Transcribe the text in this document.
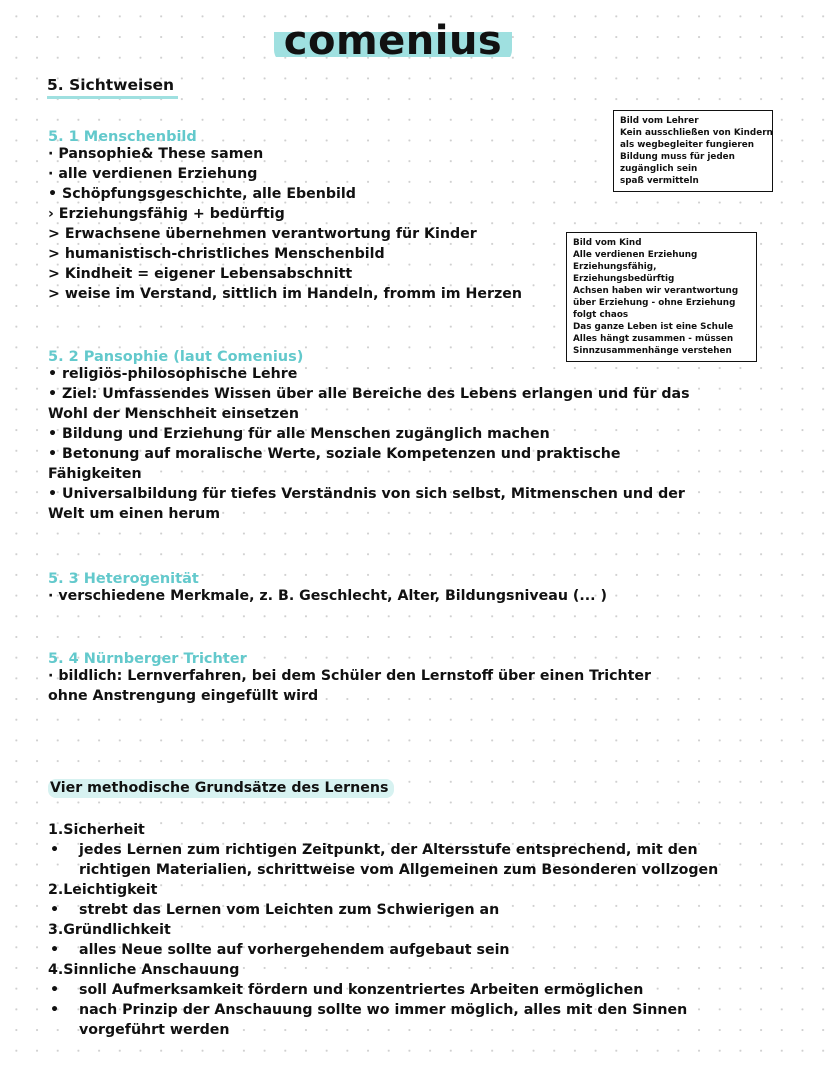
comenius
5. Sichtweisen
5. 1 Menschenbild
· Pansophie& These samen
· alle verdienen Erziehung
• Schöpfungsgeschichte, alle Ebenbild
› Erziehungsfähig + bedürftig
> Erwachsene übernehmen verantwortung für Kinder
> humanistisch-christliches Menschenbild
> Kindheit = eigener Lebensabschnitt
> weise im Verstand, sittlich im Handeln, fromm im Herzen
Bild vom Lehrer
Kein ausschließen von Kindern
als wegbegleiter fungieren
Bildung muss für jeden
zugänglich sein
spaß vermitteln
Bild vom Kind
Alle verdienen Erziehung
Erziehungsfähig,
Erziehungsbedürftig
Achsen haben wir verantwortung
über Erziehung - ohne Erziehung
folgt chaos
Das ganze Leben ist eine Schule
Alles hängt zusammen - müssen
Sinnzusammenhänge verstehen
5. 2 Pansophie (laut Comenius)
• religiös-philosophische Lehre
• Ziel: Umfassendes Wissen über alle Bereiche des Lebens erlangen und für das
Wohl der Menschheit einsetzen
• Bildung und Erziehung für alle Menschen zugänglich machen
• Betonung auf moralische Werte, soziale Kompetenzen und praktische
Fähigkeiten
• Universalbildung für tiefes Verständnis von sich selbst, Mitmenschen und der
Welt um einen herum
5. 3 Heterogenität
· verschiedene Merkmale, z. B. Geschlecht, Alter, Bildungsniveau (... )
5. 4 Nürnberger Trichter
· bildlich: Lernverfahren, bei dem Schüler den Lernstoff über einen Trichter
ohne Anstrengung eingefüllt wird
Vier methodische Grundsätze des Lernens
1.Sicherheit
• jedes Lernen zum richtigen Zeitpunkt, der Altersstufe entsprechend, mit den
richtigen Materialien, schrittweise vom Allgemeinen zum Besonderen vollzogen
2.Leichtigkeit
• strebt das Lernen vom Leichten zum Schwierigen an
3.Gründlichkeit
• alles Neue sollte auf vorhergehendem aufgebaut sein
4.Sinnliche Anschauung
• soll Aufmerksamkeit fördern und konzentriertes Arbeiten ermöglichen
• nach Prinzip der Anschauung sollte wo immer möglich, alles mit den Sinnen
vorgeführt werden
